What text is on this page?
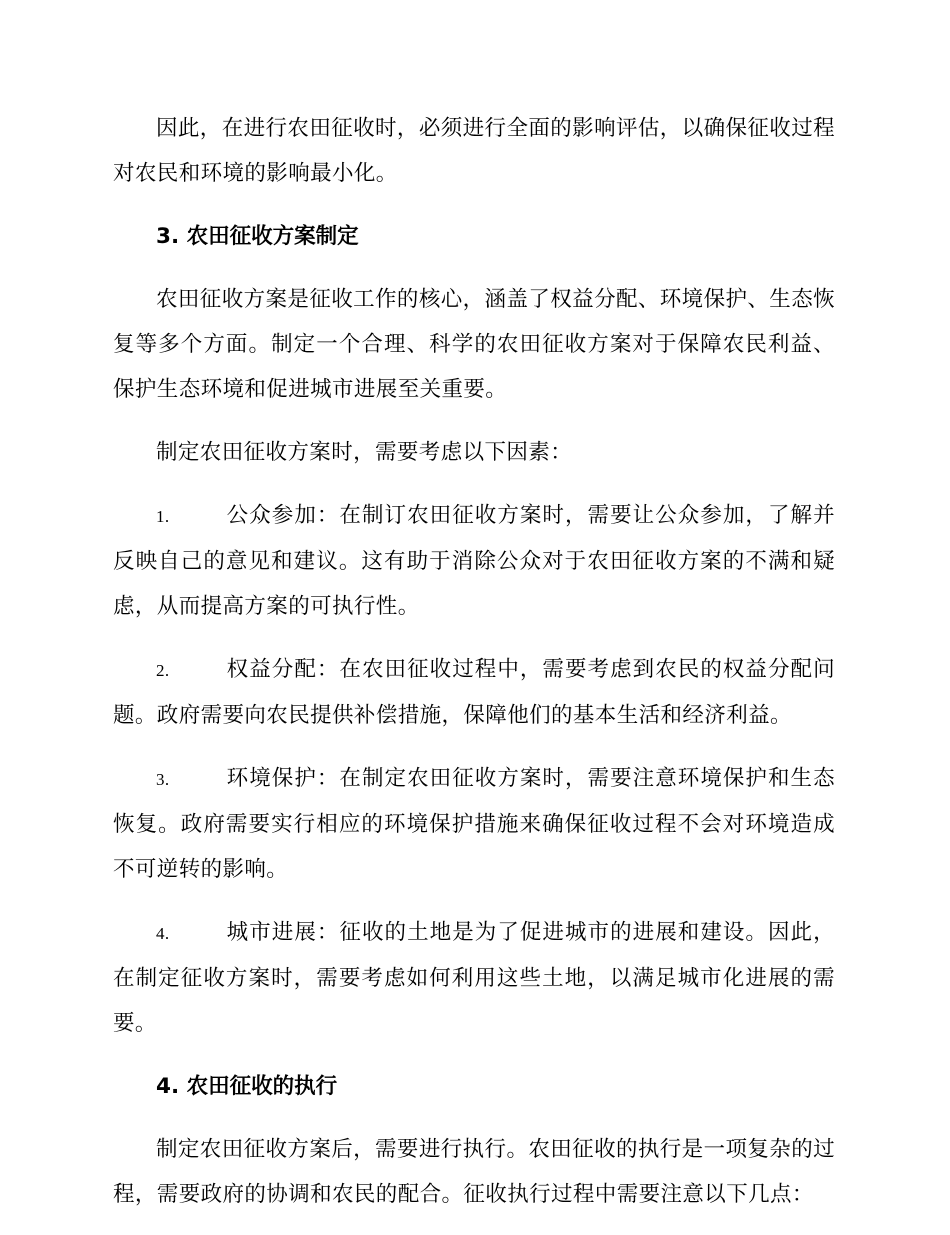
因此，在进行农田征收时，必须进行全面的影响评估，以确保征收过程对农民和环境的影响最小化。

3. 农田征收方案制定

农田征收方案是征收工作的核心，涵盖了权益分配、环境保护、生态恢复等多个方面。制定一个合理、科学的农田征收方案对于保障农民利益、保护生态环境和促进城市进展至关重要。

制定农田征收方案时，需要考虑以下因素：

1.	公众参加：在制订农田征收方案时，需要让公众参加，了解并反映自己的意见和建议。这有助于消除公众对于农田征收方案的不满和疑虑，从而提高方案的可执行性。
2.	权益分配：在农田征收过程中，需要考虑到农民的权益分配问题。政府需要向农民提供补偿措施，保障他们的基本生活和经济利益。
3.	环境保护：在制定农田征收方案时，需要注意环境保护和生态恢复。政府需要实行相应的环境保护措施来确保征收过程不会对环境造成不可逆转的影响。
4.	城市进展：征收的土地是为了促进城市的进展和建设。因此，在制定征收方案时，需要考虑如何利用这些土地，以满足城市化进展的需要。
4. 农田征收的执行

制定农田征收方案后，需要进行执行。农田征收的执行是一项复杂的过程，需要政府的协调和农民的配合。征收执行过程中需要注意以下几点：
